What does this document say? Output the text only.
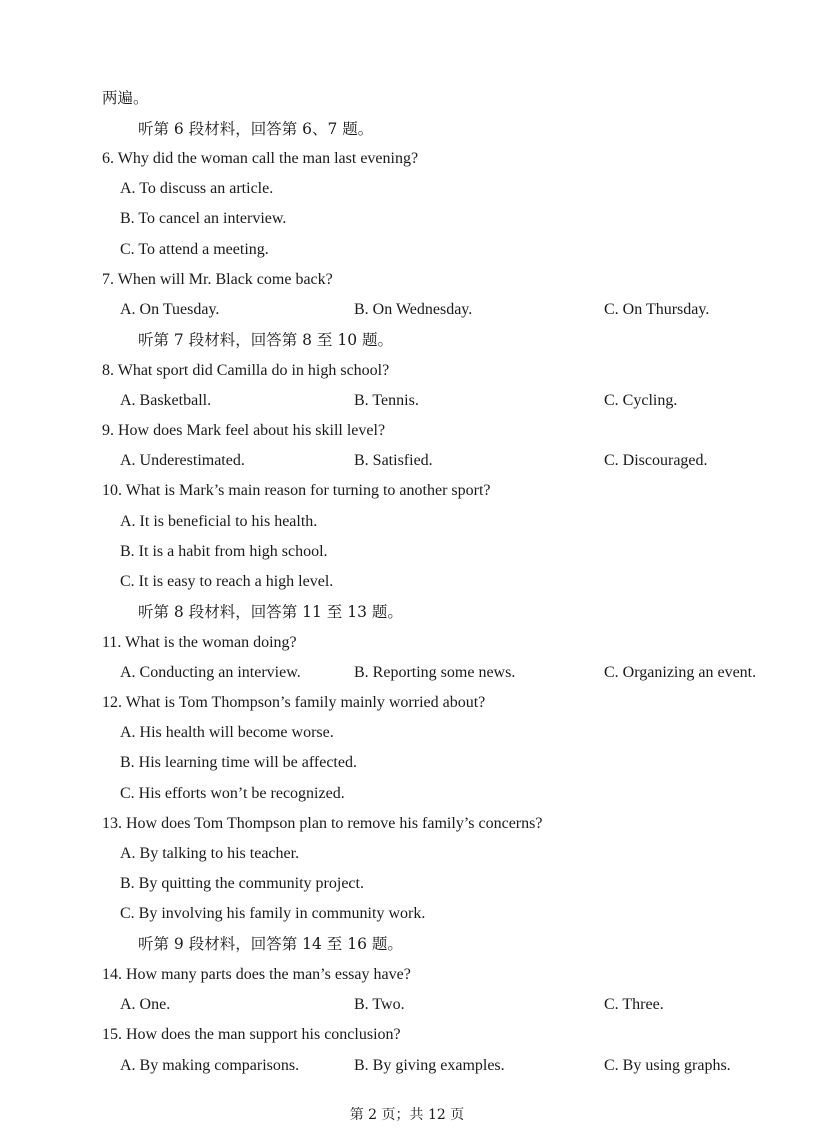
两遍。
听第 6 段材料，回答第 6、7 题。
6. Why did the woman call the man last evening?
A. To discuss an article.
B. To cancel an interview.
C. To attend a meeting.
7. When will Mr. Black come back?
A. On Tuesday.	B. On Wednesday.	C. On Thursday.
听第 7 段材料，回答第 8 至 10 题。
8. What sport did Camilla do in high school?
A. Basketball.	B. Tennis.	C. Cycling.
9. How does Mark feel about his skill level?
A. Underestimated.	B. Satisfied.	C. Discouraged.
10. What is Mark’s main reason for turning to another sport?
A. It is beneficial to his health.
B. It is a habit from high school.
C. It is easy to reach a high level.
听第 8 段材料，回答第 11 至 13 题。
11. What is the woman doing?
A. Conducting an interview.	B. Reporting some news.	C. Organizing an event.
12. What is Tom Thompson’s family mainly worried about?
A. His health will become worse.
B. His learning time will be affected.
C. His efforts won’t be recognized.
13. How does Tom Thompson plan to remove his family’s concerns?
A. By talking to his teacher.
B. By quitting the community project.
C. By involving his family in community work.
听第 9 段材料，回答第 14 至 16 题。
14. How many parts does the man’s essay have?
A. One.	B. Two.	C. Three.
15. How does the man support his conclusion?
A. By making comparisons.	B. By giving examples.	C. By using graphs.
第 2 页；共 12 页
